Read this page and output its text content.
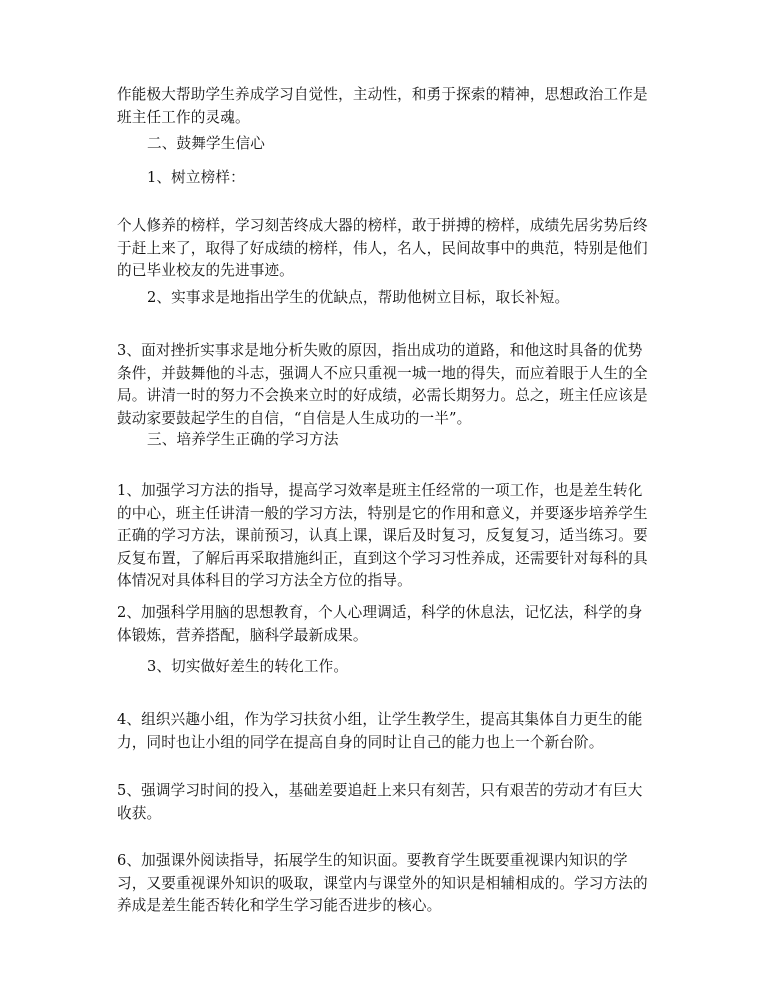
作能极大帮助学生养成学习自觉性，主动性，和勇于探索的精神，思想政治工作是班主任工作的灵魂。

二、鼓舞学生信心

1、树立榜样：

个人修养的榜样，学习刻苦终成大器的榜样，敢于拼搏的榜样，成绩先居劣势后终于赶上来了，取得了好成绩的榜样，伟人，名人，民间故事中的典范，特别是他们的已毕业校友的先进事迹。

2、实事求是地指出学生的优缺点，帮助他树立目标，取长补短。

3、面对挫折实事求是地分析失败的原因，指出成功的道路，和他这时具备的优势条件，并鼓舞他的斗志，强调人不应只重视一城一地的得失，而应着眼于人生的全局。讲清一时的努力不会换来立时的好成绩，必需长期努力。总之，班主任应该是鼓动家要鼓起学生的自信，“自信是人生成功的一半”。

三、培养学生正确的学习方法

1、加强学习方法的指导，提高学习效率是班主任经常的一项工作，也是差生转化的中心，班主任讲清一般的学习方法，特别是它的作用和意义，并要逐步培养学生正确的学习方法，课前预习，认真上课，课后及时复习，反复复习，适当练习。要反复布置，了解后再采取措施纠正，直到这个学习习性养成，还需要针对每科的具体情况对具体科目的学习方法全方位的指导。

2、加强科学用脑的思想教育，个人心理调适，科学的休息法，记忆法，科学的身体锻炼，营养搭配，脑科学最新成果。

3、切实做好差生的转化工作。

4、组织兴趣小组，作为学习扶贫小组，让学生教学生，提高其集体自力更生的能力，同时也让小组的同学在提高自身的同时让自己的能力也上一个新台阶。

5、强调学习时间的投入，基础差要追赶上来只有刻苦，只有艰苦的劳动才有巨大收获。

6、加强课外阅读指导，拓展学生的知识面。要教育学生既要重视课内知识的学习，又要重视课外知识的吸取，课堂内与课堂外的知识是相辅相成的。学习方法的养成是差生能否转化和学生学习能否进步的核心。
